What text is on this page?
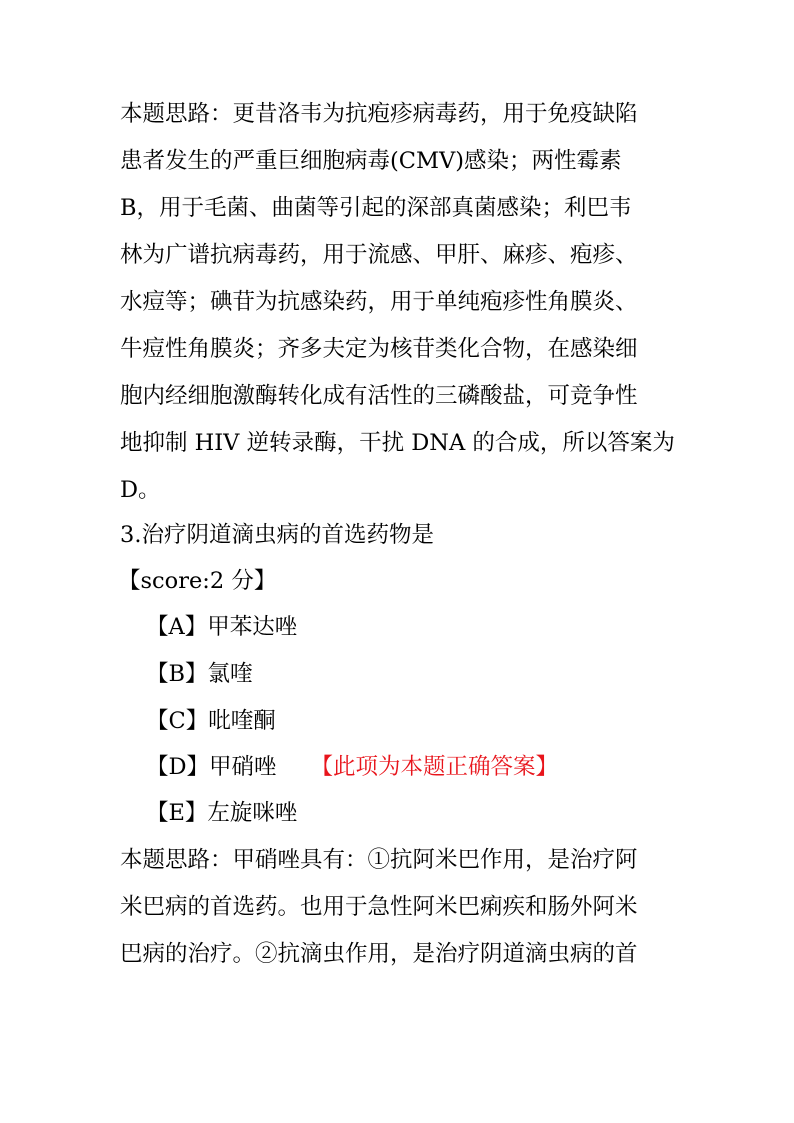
本题思路：更昔洛韦为抗疱疹病毒药，用于免疫缺陷
患者发生的严重巨细胞病毒(CMV)感染；两性霉素
B，用于毛菌、曲菌等引起的深部真菌感染；利巴韦
林为广谱抗病毒药，用于流感、甲肝、麻疹、疱疹、
水痘等；碘苷为抗感染药，用于单纯疱疹性角膜炎、
牛痘性角膜炎；齐多夫定为核苷类化合物，在感染细
胞内经细胞激酶转化成有活性的三磷酸盐，可竞争性
地抑制 HIV 逆转录酶，干扰 DNA 的合成，所以答案为
D。
3.治疗阴道滴虫病的首选药物是
【score:2 分】
【A】甲苯达唑
【B】氯喹
【C】吡喹酮
【D】甲硝唑 【此项为本题正确答案】
【E】左旋咪唑
本题思路：甲硝唑具有：①抗阿米巴作用，是治疗阿
米巴病的首选药。也用于急性阿米巴痢疾和肠外阿米
巴病的治疗。②抗滴虫作用，是治疗阴道滴虫病的首
